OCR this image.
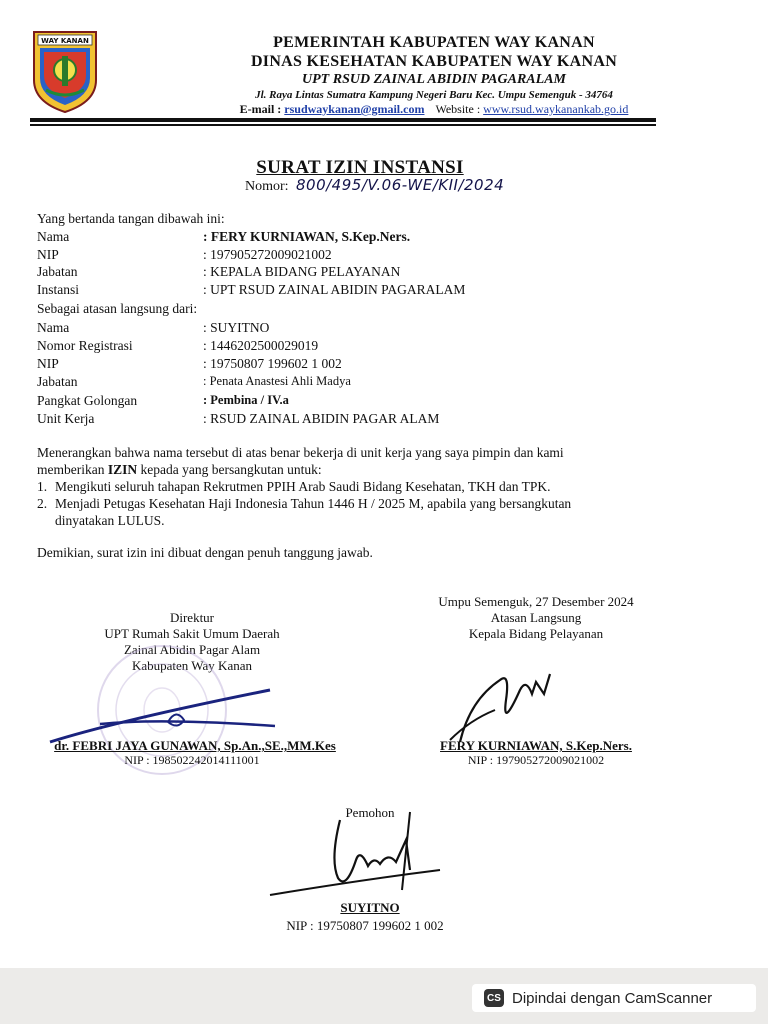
WAY KANAN	PEMERINTAH KABUPATEN WAY KANAN
DINAS KESEHATAN KABUPATEN WAY KANAN
UPT RSUD ZAINAL ABIDIN PAGARALAM
Jl. Raya Lintas Sumatra Kampung Negeri Baru Kec. Umpu Semenguk - 34764
E-mail : rsudwaykanan@gmail.com Website : www.rsud.waykanankab.go.id
SURAT IZIN INSTANSI
Nomor: 800/495/V.06-WE/KII/2024
Yang bertanda tangan dibawah ini:
Nama	: FERY KURNIAWAN, S.Kep.Ners.
NIP	: 197905272009021002
Jabatan	: KEPALA BIDANG PELAYANAN
Instansi	: UPT RSUD ZAINAL ABIDIN PAGARALAM
Sebagai atasan langsung dari:
Nama	: SUYITNO
Nomor Registrasi	: 1446202500029019
NIP	: 19750807 199602 1 002
Jabatan	: Penata Anastesi Ahli Madya
Pangkat Golongan	: Pembina / IV.a
Unit Kerja	: RSUD ZAINAL ABIDIN PAGAR ALAM
Menerangkan bahwa nama tersebut di atas benar bekerja di unit kerja yang saya pimpin dan kami
memberikan IZIN kepada yang bersangkutan untuk:
1. Mengikuti seluruh tahapan Rekrutmen PPIH Arab Saudi Bidang Kesehatan, TKH dan TPK.
2. Menjadi Petugas Kesehatan Haji Indonesia Tahun 1446 H / 2025 M, apabila yang bersangkutan
dinyatakan LULUS.
Demikian, surat izin ini dibuat dengan penuh tanggung jawab.
Umpu Semenguk, 27 Desember 2024
Atasan Langsung
Kepala Bidang Pelayanan
Direktur
UPT Rumah Sakit Umum Daerah
Zainal Abidin Pagar Alam
Kabupaten Way Kanan
dr. FEBRI JAYA GUNAWAN, Sp.An.,SE.,MM.Kes
NIP : 198502242014111001
FERY KURNIAWAN, S.Kep.Ners.
NIP : 197905272009021002
Pemohon
SUYITNO
NIP : 19750807 199602 1 002
CS Dipindai dengan CamScanner
